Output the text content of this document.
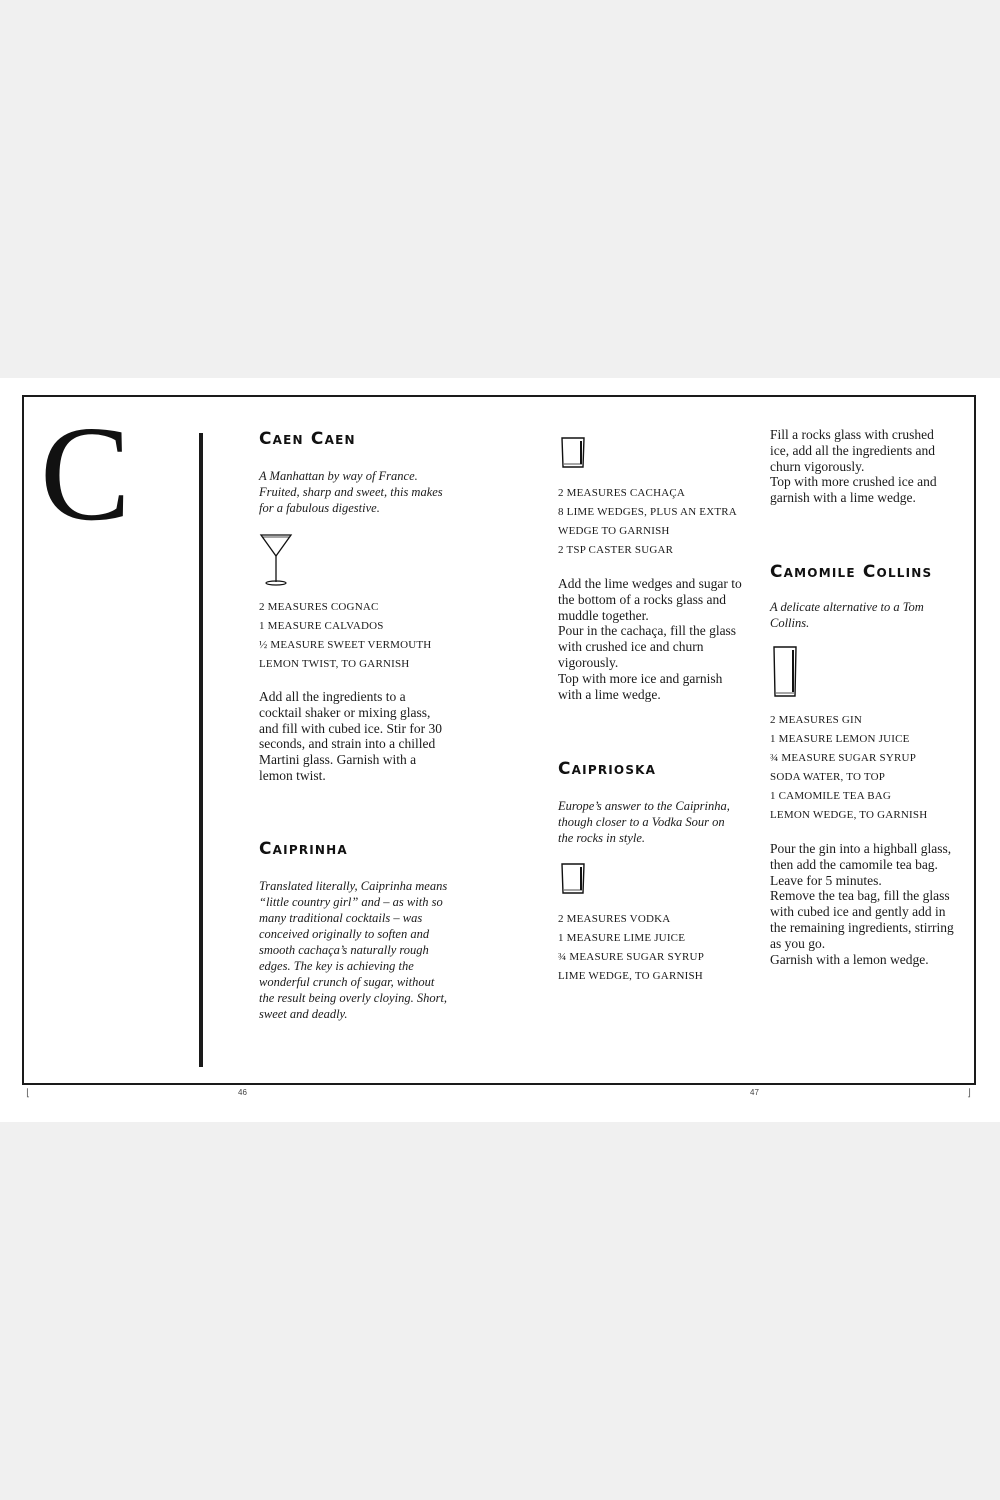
C	Caen Caen

A Manhattan by way of France. Fruited, sharp and sweet, this makes for a fabulous digestive.

2 MEASURES COGNAC

1 MEASURE CALVADOS

½ MEASURE SWEET VERMOUTH

LEMON TWIST, TO GARNISH

Add all the ingredients to a cocktail shaker or mixing glass, and fill with cubed ice. Stir for 30 seconds, and strain into a chilled Martini glass. Garnish with a lemon twist.

Caiprinha

Translated literally, Caiprinha means “little country girl” and – as with so many traditional cocktails – was conceived originally to soften and smooth cachaça’s naturally rough edges. The key is achieving the wonderful crunch of sugar, without the result being overly cloying. Short, sweet and deadly.

2 MEASURES CACHAÇA

8 LIME WEDGES, PLUS AN EXTRA

WEDGE TO GARNISH

2 TSP CASTER SUGAR

Add the lime wedges and sugar to the bottom of a rocks glass and muddle together.

Pour in the cachaça, fill the glass with crushed ice and churn vigorously.

Top with more ice and garnish with a lime wedge.

Caiprioska

Europe’s answer to the Caiprinha, though closer to a Vodka Sour on the rocks in style.

2 MEASURES VODKA

1 MEASURE LIME JUICE

¾ MEASURE SUGAR SYRUP

LIME WEDGE, TO GARNISH

Fill a rocks glass with crushed ice, add all the ingredients and churn vigorously.

Top with more crushed ice and garnish with a lime wedge.

Camomile Collins

A delicate alternative to a Tom Collins.

2 MEASURES GIN

1 MEASURE LEMON JUICE

¾ MEASURE SUGAR SYRUP

SODA WATER, TO TOP

1 CAMOMILE TEA BAG

LEMON WEDGE, TO GARNISH

Pour the gin into a highball glass, then add the camomile tea bag.

Leave for 5 minutes.

Remove the tea bag, fill the glass with cubed ice and gently add in the remaining ingredients, stirring as you go.

Garnish with a lemon wedge.

46	47
⌊	⌋
